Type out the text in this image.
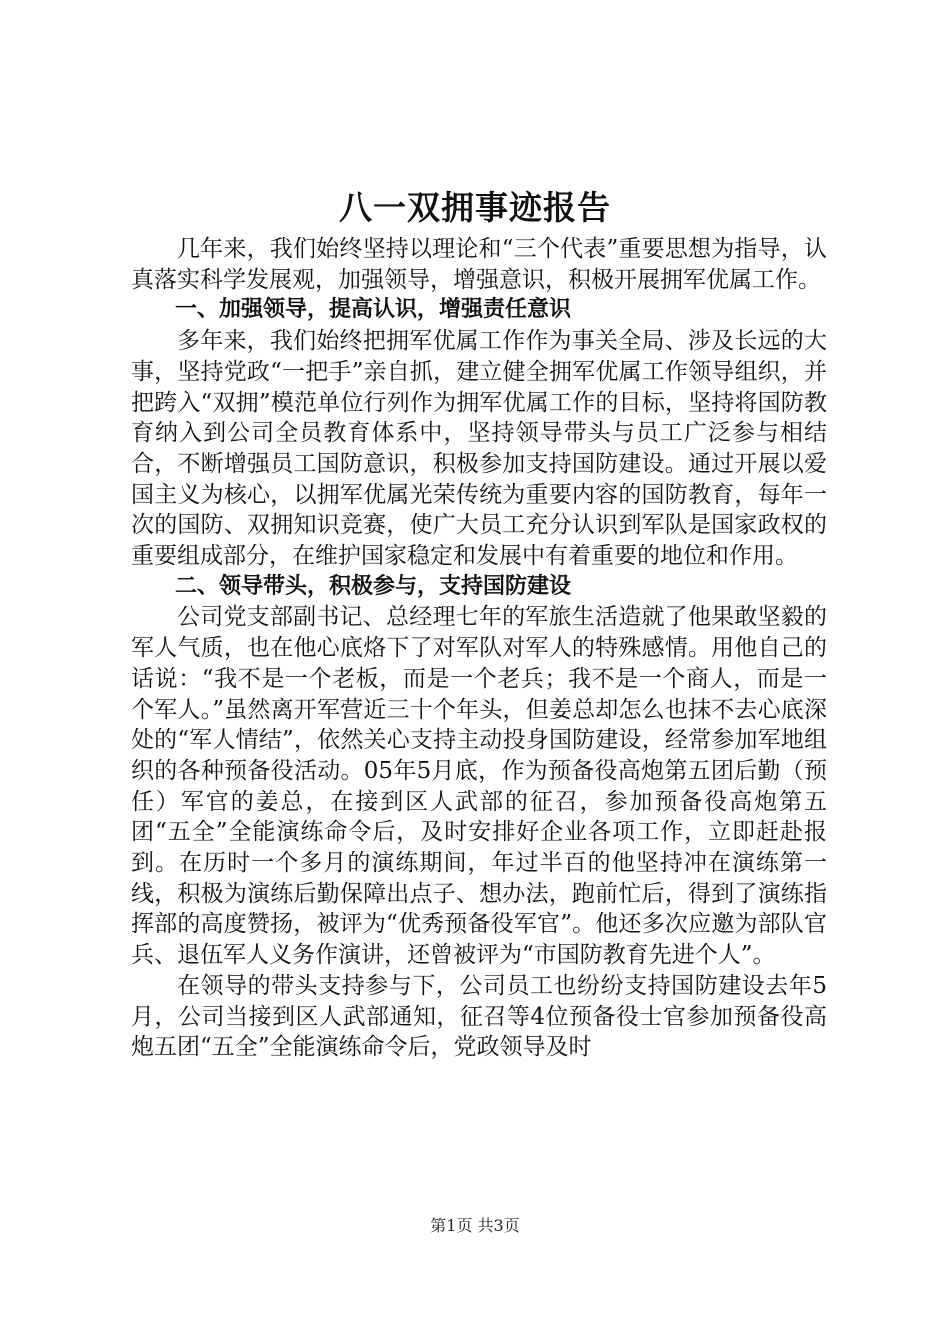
八一双拥事迹报告

几年来，我们始终坚持以理论和“三个代表”重要思想为指导，认真落实科学发展观，加强领导，增强意识，积极开展拥军优属工作。

一、加强领导，提高认识，增强责任意识

多年来，我们始终把拥军优属工作作为事关全局、涉及长远的大事，坚持党政“一把手”亲自抓，建立健全拥军优属工作领导组织，并把跨入“双拥”模范单位行列作为拥军优属工作的目标，坚持将国防教育纳入到公司全员教育体系中，坚持领导带头与员工广泛参与相结合，不断增强员工国防意识，积极参加支持国防建设。通过开展以爱国主义为核心，以拥军优属光荣传统为重要内容的国防教育，每年一次的国防、双拥知识竞赛，使广大员工充分认识到军队是国家政权的重要组成部分，在维护国家稳定和发展中有着重要的地位和作用。

二、领导带头，积极参与，支持国防建设

公司党支部副书记、总经理七年的军旅生活造就了他果敢坚毅的军人气质，也在他心底烙下了对军队对军人的特殊感情。用他自己的话说：“我不是一个老板，而是一个老兵；我不是一个商人，而是一个军人。”虽然离开军营近三十个年头，但姜总却怎么也抹不去心底深处的“军人情结”，依然关心支持主动投身国防建设，经常参加军地组织的各种预备役活动。05年5月底，作为预备役高炮第五团后勤（预任）军官的姜总，在接到区人武部的征召，参加预备役高炮第五团“五全”全能演练命令后，及时安排好企业各项工作，立即赶赴报到。在历时一个多月的演练期间，年过半百的他坚持冲在演练第一线，积极为演练后勤保障出点子、想办法，跑前忙后，得到了演练指挥部的高度赞扬，被评为“优秀预备役军官”。他还多次应邀为部队官兵、退伍军人义务作演讲，还曾被评为“市国防教育先进个人”。

在领导的带头支持参与下，公司员工也纷纷支持国防建设去年5月，公司当接到区人武部通知，征召等4位预备役士官参加预备役高炮五团“五全”全能演练命令后，党政领导及时

第1页 共3页
